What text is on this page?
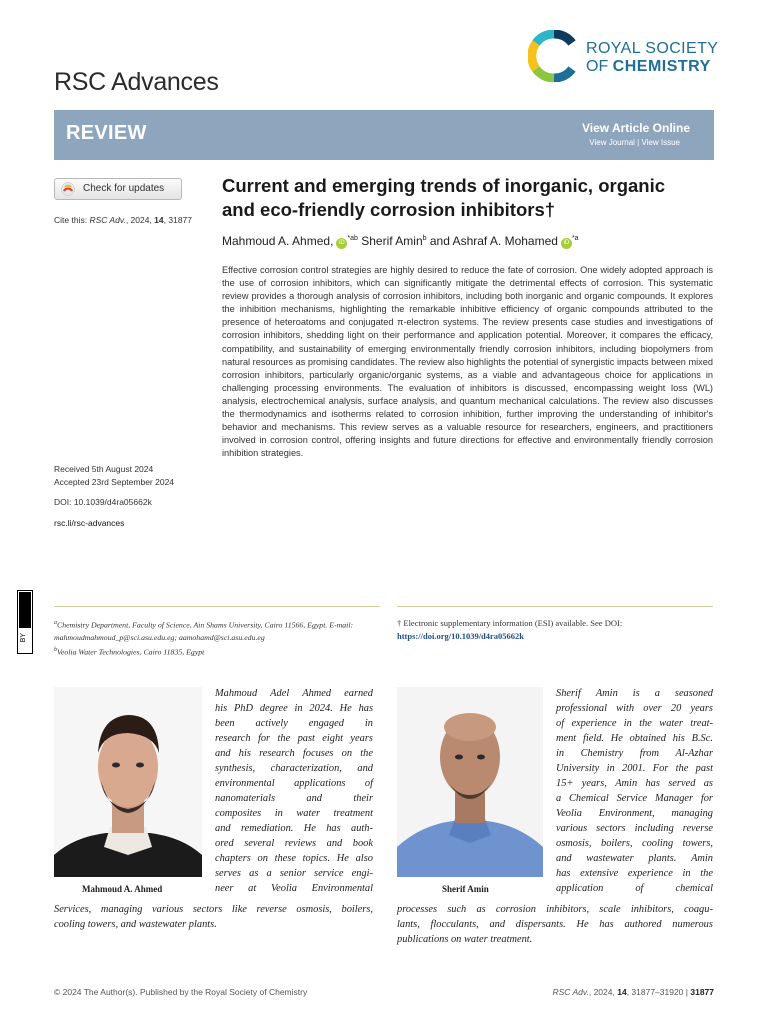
RSC Advances
ROYAL SOCIETY
OF CHEMISTRY
REVIEW	View Article Online
View Journal | View Issue
Check for updates
Cite this: RSC Adv., 2024, 14, 31877
Current and emerging trends of inorganic, organic
and eco-friendly corrosion inhibitors†
Mahmoud A. Ahmed, $iD^{*ab}$ Sherif Amin$^b$ and Ashraf A. Mohamed $iD^{*a}$
Effective corrosion control strategies are highly desired to reduce the fate of corrosion. One widely adopted approach is the use of corrosion inhibitors, which can significantly mitigate the detrimental effects of corrosion. This systematic review provides a thorough analysis of corrosion inhibitors, including both inorganic and organic compounds. It explores the inhibition mechanisms, highlighting the remarkable inhibitive efficiency of organic compounds attributed to the presence of heteroatoms and conjugated π-electron systems. The review presents case studies and investigations of corrosion inhibitors, shedding light on their performance and application potential. Moreover, it compares the efficacy, compatibility, and sustainability of emerging environmentally friendly corrosion inhibitors, including biopolymers from natural resources as promising candidates. The review also highlights the potential of synergistic impacts between mixed corrosion inhibitors, particularly organic/organic systems, as a viable and advantageous choice for applications in challenging processing environments. The evaluation of inhibitors is discussed, encompassing weight loss (WL) analysis, electrochemical analysis, surface analysis, and quantum mechanical calculations. The review also discusses the thermodynamics and isotherms related to corrosion inhibition, further improving the understanding of inhibitor's behavior and mechanisms. This review serves as a valuable resource for researchers, engineers, and practitioners involved in corrosion control, offering insights and future directions for effective and environmentally friendly corrosion inhibition strategies.
Received 5th August 2024
Accepted 23rd September 2024
DOI: 10.1039/d4ra05662k
rsc.li/rsc-advances
BY
$^a$Chemistry Department, Faculty of Science, Ain Shams University, Cairo 11566, Egypt. E-mail: mahmoudmahmoud_p@sci.asu.edu.eg; aamohamd@sci.asu.edu.eg
$^b$Veolia Water Technologies, Cairo 11835, Egypt
† Electronic supplementary information (ESI) available. See DOI:
https://doi.org/10.1039/d4ra05662k
Mahmoud A. Ahmed	Sherif Amin
Mahmoud Adel Ahmed earned
his PhD degree in 2024. He has
been actively engaged in
research for the past eight years
and his research focuses on the
synthesis, characterization, and
environmental applications of
nanomaterials	and	their
composites in water treatment
and remediation. He has auth-
ored several reviews and book
chapters on these topics. He also
serves as a senior service engi-
neer at Veolia Environmental
Services, managing various sectors like reverse osmosis, boilers,
cooling towers, and wastewater plants.
Sherif Amin is a seasoned
professional with over 20 years
of experience in the water treat-
ment field. He obtained his B.Sc.
in Chemistry from Al-Azhar
University in 2001. For the past
15+ years, Amin has served as
a Chemical Service Manager for
Veolia Environment, managing
various sectors including reverse
osmosis, boilers, cooling towers,
and wastewater plants. Amin
has extensive experience in the
application	of	chemical
processes such as corrosion inhibitors, scale inhibitors, coagu-
lants, flocculants, and dispersants. He has authored numerous
publications on water treatment.
© 2024 The Author(s). Published by the Royal Society of Chemistry	RSC Adv., 2024, 14, 31877–31920 | 31877
